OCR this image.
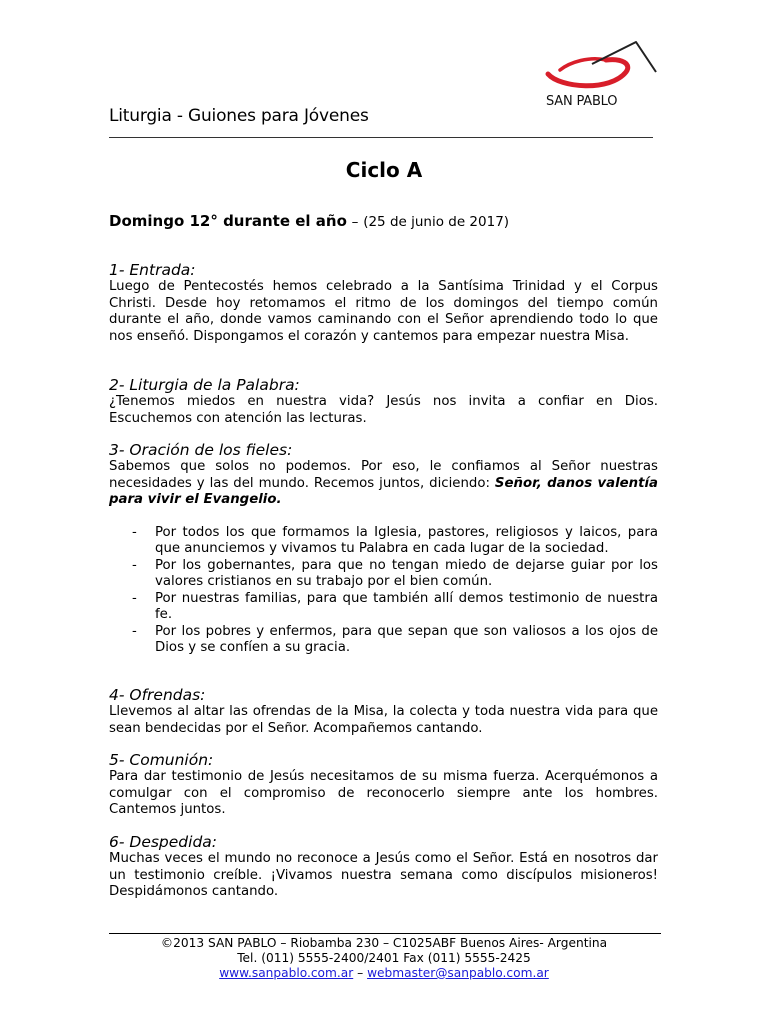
SAN PABLO
Liturgia - Guiones para Jóvenes
Ciclo A
Domingo 12° durante el año – (25 de junio de 2017)

1- Entrada:

Luego de Pentecostés hemos celebrado a la Santísima Trinidad y el Corpus Christi. Desde hoy retomamos el ritmo de los domingos del tiempo común durante el año, donde vamos caminando con el Señor aprendiendo todo lo que nos enseñó. Dispongamos el corazón y cantemos para empezar nuestra Misa.

2- Liturgia de la Palabra:

¿Tenemos miedos en nuestra vida? Jesús nos invita a confiar en Dios. Escuchemos con atención las lecturas.

3- Oración de los fieles:

Sabemos que solos no podemos. Por eso, le confiamos al Señor nuestras necesidades y las del mundo. Recemos juntos, diciendo: Señor, danos valentía para vivir el Evangelio.

- Por todos los que formamos la Iglesia, pastores, religiosos y laicos, para que anunciemos y vivamos tu Palabra en cada lugar de la sociedad.
- Por los gobernantes, para que no tengan miedo de dejarse guiar por los valores cristianos en su trabajo por el bien común.
- Por nuestras familias, para que también allí demos testimonio de nuestra fe.
- Por los pobres y enfermos, para que sepan que son valiosos a los ojos de Dios y se confíen a su gracia.

4- Ofrendas:

Llevemos al altar las ofrendas de la Misa, la colecta y toda nuestra vida para que sean bendecidas por el Señor. Acompañemos cantando.

5- Comunión:

Para dar testimonio de Jesús necesitamos de su misma fuerza. Acerquémonos a comulgar con el compromiso de reconocerlo siempre ante los hombres. Cantemos juntos.

6- Despedida:

Muchas veces el mundo no reconoce a Jesús como el Señor. Está en nosotros dar un testimonio creíble. ¡Vivamos nuestra semana como discípulos misioneros! Despidámonos cantando.

©2013 SAN PABLO – Riobamba 230 – C1025ABF Buenos Aires- Argentina
Tel. (011) 5555-2400/2401 Fax (011) 5555-2425
www.sanpablo.com.ar – webmaster@sanpablo.com.ar
